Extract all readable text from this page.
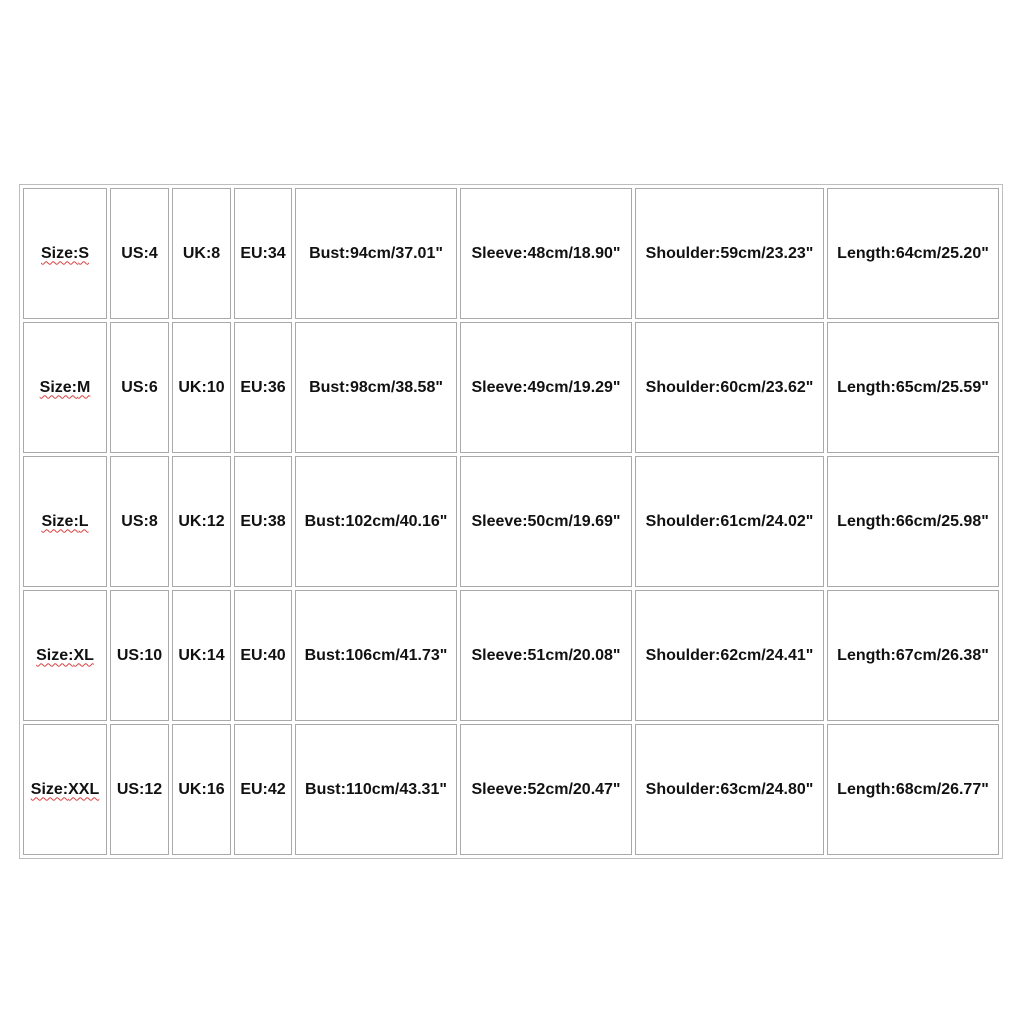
Size:S	US:4	UK:8	EU:34	Bust:94cm/37.01"	Sleeve:48cm/18.90"	Shoulder:59cm/23.23"	Length:64cm/25.20"
Size:M	US:6	UK:10	EU:36	Bust:98cm/38.58"	Sleeve:49cm/19.29"	Shoulder:60cm/23.62"	Length:65cm/25.59"
Size:L	US:8	UK:12	EU:38	Bust:102cm/40.16"	Sleeve:50cm/19.69"	Shoulder:61cm/24.02"	Length:66cm/25.98"
Size:XL	US:10	UK:14	EU:40	Bust:106cm/41.73"	Sleeve:51cm/20.08"	Shoulder:62cm/24.41"	Length:67cm/26.38"
Size:XXL	US:12	UK:16	EU:42	Bust:110cm/43.31"	Sleeve:52cm/20.47"	Shoulder:63cm/24.80"	Length:68cm/26.77"
